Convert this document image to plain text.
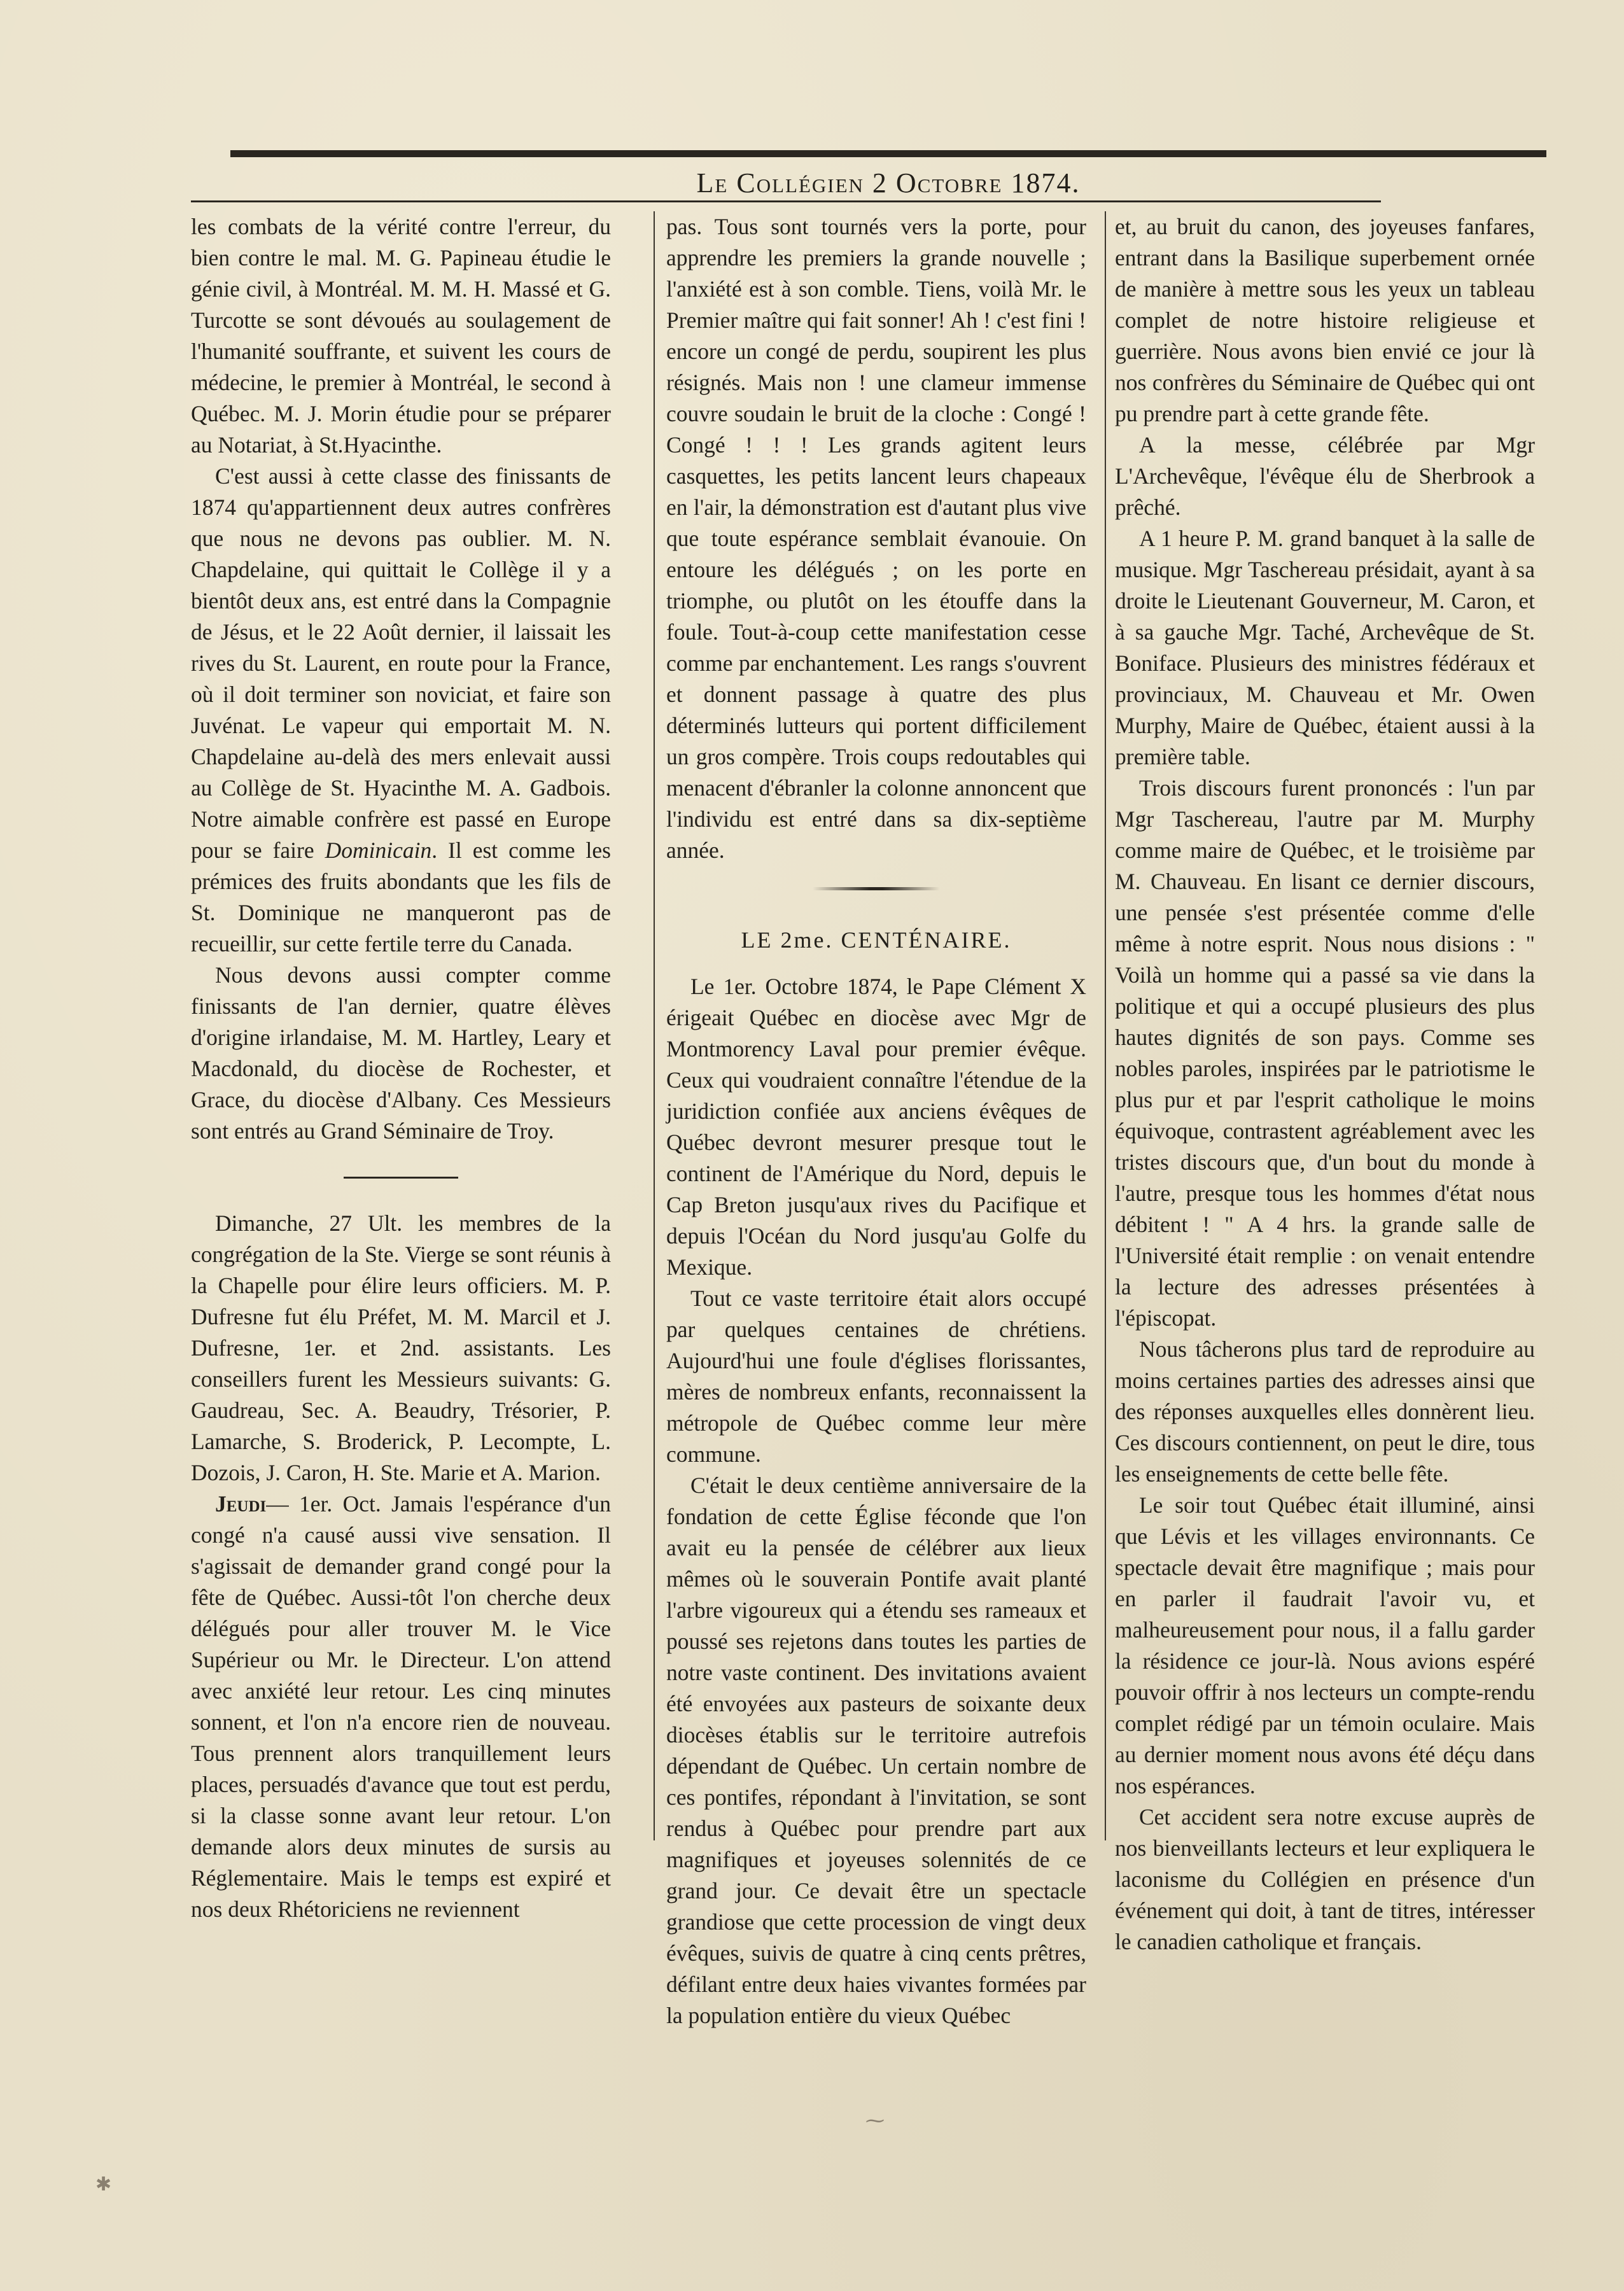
Le Collégien 2 Octobre 1874.

les combats de la vérité contre l'erreur, du bien contre le mal. M. G. Papineau étudie le génie civil, à Montréal. M. M. H. Massé et G. Turcotte se sont dévoués au soulagement de l'humanité souffrante, et suivent les cours de médecine, le premier à Montréal, le second à Québec. M. J. Morin étudie pour se préparer au Notariat, à St.Hyacinthe.

C'est aussi à cette classe des finissants de 1874 qu'appartiennent deux autres confrères que nous ne devons pas oublier. M. N. Chapdelaine, qui quittait le Collège il y a bientôt deux ans, est entré dans la Compagnie de Jésus, et le 22 Août dernier, il laissait les rives du St. Laurent, en route pour la France, où il doit terminer son noviciat, et faire son Juvénat. Le vapeur qui emportait M. N. Chapdelaine au-delà des mers enlevait aussi au Collège de St. Hyacinthe M. A. Gadbois. Notre aimable confrère est passé en Europe pour se faire Dominicain. Il est comme les prémices des fruits abondants que les fils de St. Dominique ne manqueront pas de recueillir, sur cette fertile terre du Canada.

Nous devons aussi compter comme finissants de l'an dernier, quatre élèves d'origine irlandaise, M. M. Hartley, Leary et Macdonald, du diocèse de Rochester, et Grace, du diocèse d'Albany. Ces Messieurs sont entrés au Grand Séminaire de Troy.

Dimanche, 27 Ult. les membres de la congrégation de la Ste. Vierge se sont réunis à la Chapelle pour élire leurs officiers. M. P. Dufresne fut élu Préfet, M. M. Marcil et J. Dufresne, 1er. et 2nd. assistants. Les conseillers furent les Messieurs suivants: G. Gaudreau, Sec. A. Beaudry, Trésorier, P. Lamarche, S. Broderick, P. Lecompte, L. Dozois, J. Caron, H. Ste. Marie et A. Marion.

Jeudi— 1er. Oct. Jamais l'espérance d'un congé n'a causé aussi vive sensation. Il s'agissait de demander grand congé pour la fête de Québec. Aussi-tôt l'on cherche deux délégués pour aller trouver M. le Vice Supérieur ou Mr. le Directeur. L'on attend avec anxiété leur retour. Les cinq minutes sonnent, et l'on n'a encore rien de nouveau. Tous prennent alors tranquillement leurs places, persuadés d'avance que tout est perdu, si la classe sonne avant leur retour. L'on demande alors deux minutes de sursis au Réglementaire. Mais le temps est expiré et nos deux Rhétoriciens ne reviennent

pas. Tous sont tournés vers la porte, pour apprendre les premiers la grande nouvelle ; l'anxiété est à son comble. Tiens, voilà Mr. le Premier maître qui fait sonner! Ah ! c'est fini ! encore un congé de perdu, soupirent les plus résignés. Mais non ! une clameur immense couvre soudain le bruit de la cloche : Congé ! Congé ! ! ! Les grands agitent leurs casquettes, les petits lancent leurs chapeaux en l'air, la démonstration est d'autant plus vive que toute espérance semblait évanouie. On entoure les délégués ; on les porte en triomphe, ou plutôt on les étouffe dans la foule. Tout-à-coup cette manifestation cesse comme par enchantement. Les rangs s'ouvrent et donnent passage à quatre des plus déterminés lutteurs qui portent difficilement un gros compère. Trois coups redoutables qui menacent d'ébranler la colonne annoncent que l'individu est entré dans sa dix-septième année.

LE 2me. CENTÉNAIRE.

Le 1er. Octobre 1874, le Pape Clément X érigeait Québec en diocèse avec Mgr de Montmorency Laval pour premier évêque. Ceux qui voudraient connaître l'étendue de la juridiction confiée aux anciens évêques de Québec devront mesurer presque tout le continent de l'Amérique du Nord, depuis le Cap Breton jusqu'aux rives du Pacifique et depuis l'Océan du Nord jusqu'au Golfe du Mexique.

Tout ce vaste territoire était alors occupé par quelques centaines de chrétiens. Aujourd'hui une foule d'églises florissantes, mères de nombreux enfants, reconnaissent la métropole de Québec comme leur mère commune.

C'était le deux centième anniversaire de la fondation de cette Église féconde que l'on avait eu la pensée de célébrer aux lieux mêmes où le souverain Pontife avait planté l'arbre vigoureux qui a étendu ses rameaux et poussé ses rejetons dans toutes les parties de notre vaste continent. Des invitations avaient été envoyées aux pasteurs de soixante deux diocèses établis sur le territoire autrefois dépendant de Québec. Un certain nombre de ces pontifes, répondant à l'invitation, se sont rendus à Québec pour prendre part aux magnifiques et joyeuses solennités de ce grand jour. Ce devait être un spectacle grandiose que cette procession de vingt deux évêques, suivis de quatre à cinq cents prêtres, défilant entre deux haies vivantes formées par la population entière du vieux Québec

et, au bruit du canon, des joyeuses fanfares, entrant dans la Basilique superbement ornée de manière à mettre sous les yeux un tableau complet de notre histoire religieuse et guerrière. Nous avons bien envié ce jour là nos confrères du Séminaire de Québec qui ont pu prendre part à cette grande fête.

A la messe, célébrée par Mgr L'Archevêque, l'évêque élu de Sherbrook a prêché.

A 1 heure P. M. grand banquet à la salle de musique. Mgr Taschereau présidait, ayant à sa droite le Lieutenant Gouverneur, M. Caron, et à sa gauche Mgr. Taché, Archevêque de St. Boniface. Plusieurs des ministres fédéraux et provinciaux, M. Chauveau et Mr. Owen Murphy, Maire de Québec, étaient aussi à la première table.

Trois discours furent prononcés : l'un par Mgr Taschereau, l'autre par M. Murphy comme maire de Québec, et le troisième par M. Chauveau. En lisant ce dernier discours, une pensée s'est présentée comme d'elle même à notre esprit. Nous nous disions : " Voilà un homme qui a passé sa vie dans la politique et qui a occupé plusieurs des plus hautes dignités de son pays. Comme ses nobles paroles, inspirées par le patriotisme le plus pur et par l'esprit catholique le moins équivoque, contrastent agréablement avec les tristes discours que, d'un bout du monde à l'autre, presque tous les hommes d'état nous débitent ! " A 4 hrs. la grande salle de l'Université était remplie : on venait entendre la lecture des adresses présentées à l'épiscopat.

Nous tâcherons plus tard de reproduire au moins certaines parties des adresses ainsi que des réponses auxquelles elles donnèrent lieu. Ces discours contiennent, on peut le dire, tous les enseignements de cette belle fête.

Le soir tout Québec était illuminé, ainsi que Lévis et les villages environnants. Ce spectacle devait être magnifique ; mais pour en parler il faudrait l'avoir vu, et malheureusement pour nous, il a fallu garder la résidence ce jour-là. Nous avions espéré pouvoir offrir à nos lecteurs un compte-rendu complet rédigé par un témoin oculaire. Mais au dernier moment nous avons été déçu dans nos espérances.

Cet accident sera notre excuse auprès de nos bienveillants lecteurs et leur expliquera le laconisme du Collégien en présence d'un événement qui doit, à tant de titres, intéresser le canadien catholique et français.

⁓
✱
